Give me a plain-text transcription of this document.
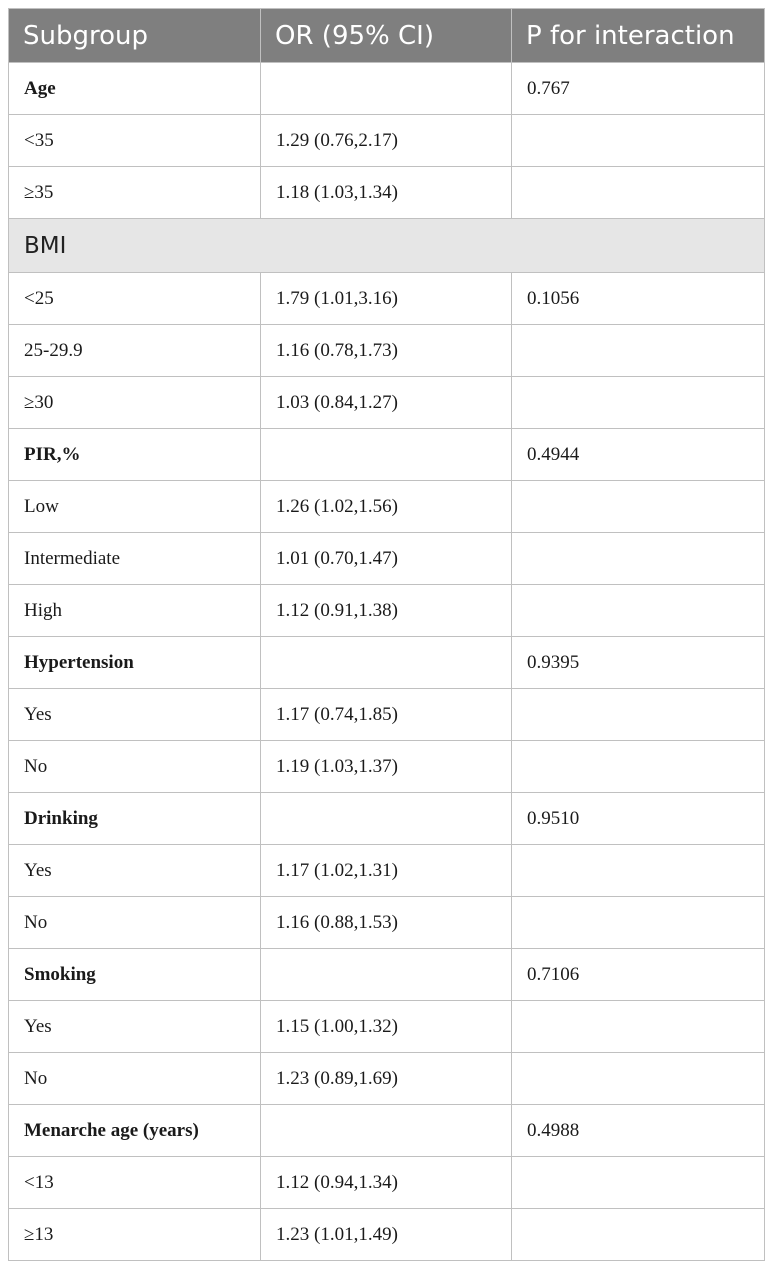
Subgroup	OR (95% CI)	P for interaction
Age		0.767
<35	1.29 (0.76,2.17)	
≥35	1.18 (1.03,1.34)	
BMI		
<25	1.79 (1.01,3.16)	0.1056
25-29.9	1.16 (0.78,1.73)	
≥30	1.03 (0.84,1.27)	
PIR,%		0.4944
Low	1.26 (1.02,1.56)	
Intermediate	1.01 (0.70,1.47)	
High	1.12 (0.91,1.38)	
Hypertension		0.9395
Yes	1.17 (0.74,1.85)	
No	1.19 (1.03,1.37)	
Drinking		0.9510
Yes	1.17 (1.02,1.31)	
No	1.16 (0.88,1.53)	
Smoking		0.7106
Yes	1.15 (1.00,1.32)	
No	1.23 (0.89,1.69)	
Menarche age (years)		0.4988
<13	1.12 (0.94,1.34)	
≥13	1.23 (1.01,1.49)	
